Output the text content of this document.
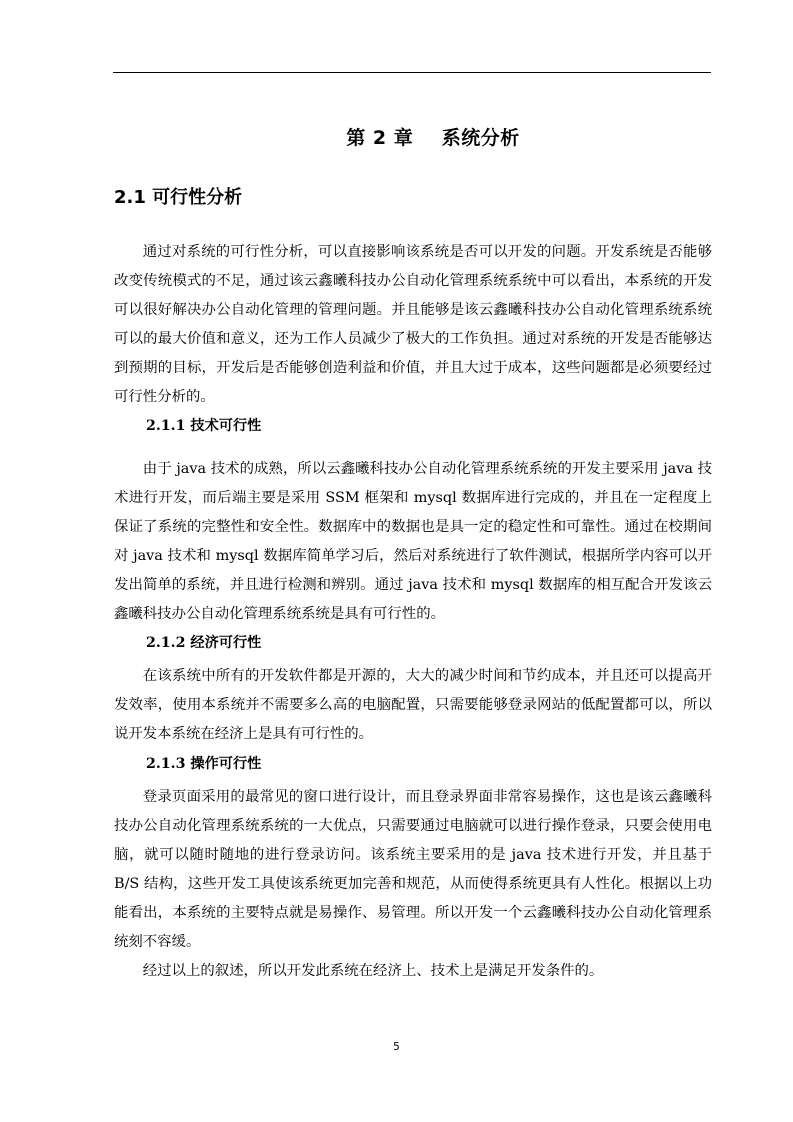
第 2 章    系统分析
2.1 可行性分析

通过对系统的可行性分析，可以直接影响该系统是否可以开发的问题。开发系统是否能够改变传统模式的不足，通过该云鑫曦科技办公自动化管理系统系统中可以看出，本系统的开发可以很好解决办公自动化管理的管理问题。并且能够是该云鑫曦科技办公自动化管理系统系统可以的最大价值和意义，还为工作人员减少了极大的工作负担。通过对系统的开发是否能够达到预期的目标，开发后是否能够创造利益和价值，并且大过于成本，这些问题都是必须要经过可行性分析的。

2.1.1 技术可行性

由于 java 技术的成熟，所以云鑫曦科技办公自动化管理系统系统的开发主要采用 java 技术进行开发，而后端主要是采用 SSM 框架和 mysql 数据库进行完成的，并且在一定程度上保证了系统的完整性和安全性。数据库中的数据也是具一定的稳定性和可靠性。通过在校期间对 java 技术和 mysql 数据库简单学习后，然后对系统进行了软件测试，根据所学内容可以开发出简单的系统，并且进行检测和辨别。通过 java 技术和 mysql 数据库的相互配合开发该云鑫曦科技办公自动化管理系统系统是具有可行性的。

2.1.2 经济可行性

在该系统中所有的开发软件都是开源的，大大的减少时间和节约成本，并且还可以提高开发效率，使用本系统并不需要多么高的电脑配置，只需要能够登录网站的低配置都可以，所以说开发本系统在经济上是具有可行性的。

2.1.3 操作可行性

登录页面采用的最常见的窗口进行设计，而且登录界面非常容易操作，这也是该云鑫曦科技办公自动化管理系统系统的一大优点，只需要通过电脑就可以进行操作登录，只要会使用电脑，就可以随时随地的进行登录访问。该系统主要采用的是 java 技术进行开发，并且基于 B/S 结构，这些开发工具使该系统更加完善和规范，从而使得系统更具有人性化。根据以上功能看出，本系统的主要特点就是易操作、易管理。所以开发一个云鑫曦科技办公自动化管理系统刻不容缓。

经过以上的叙述，所以开发此系统在经济上、技术上是满足开发条件的。

5
